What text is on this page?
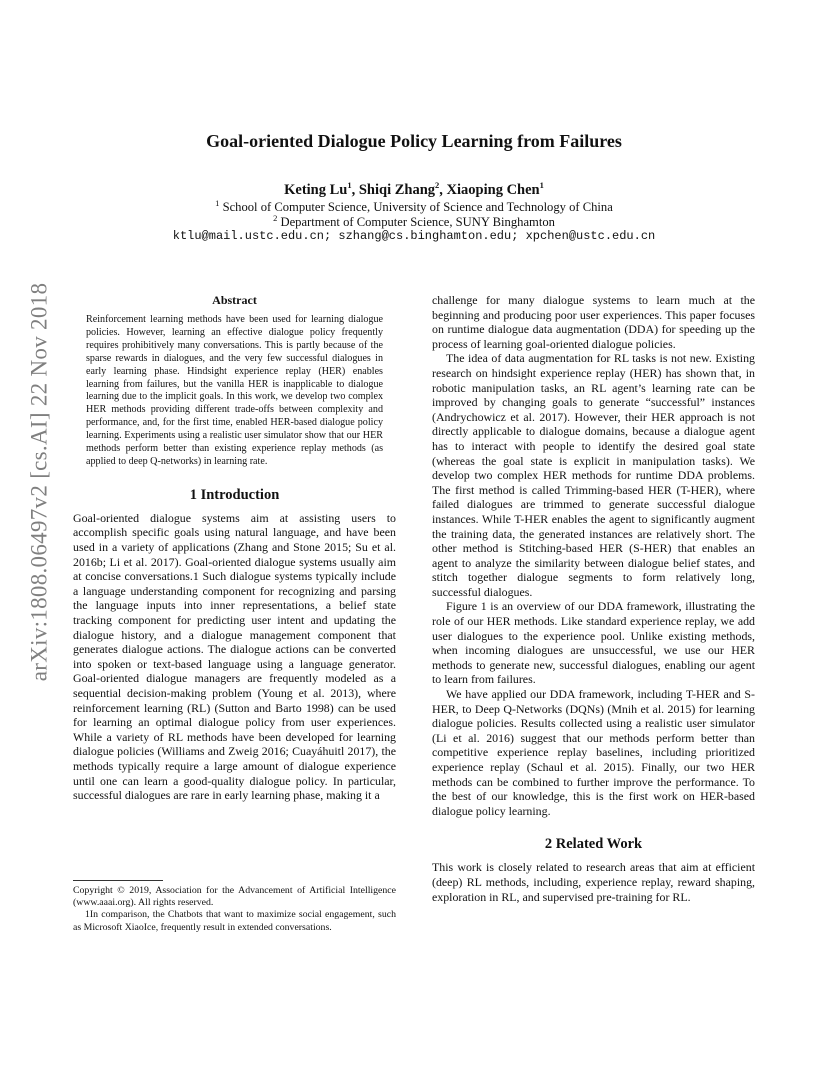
arXiv:1808.06497v2 [cs.AI] 22 Nov 2018
Goal-oriented Dialogue Policy Learning from Failures
Keting Lu$^1$, Shiqi Zhang$^2$, Xiaoping Chen$^1$
$^1$ School of Computer Science, University of Science and Technology of China
$^2$ Department of Computer Science, SUNY Binghamton
ktlu@mail.ustc.edu.cn; szhang@cs.binghamton.edu; xpchen@ustc.edu.cn
Abstract

Reinforcement learning methods have been used for learning dialogue policies. However, learning an effective dialogue policy frequently requires prohibitively many conversations. This is partly because of the sparse rewards in dialogues, and the very few successful dialogues in early learning phase. Hindsight experience replay (HER) enables learning from failures, but the vanilla HER is inapplicable to dialogue learning due to the implicit goals. In this work, we develop two complex HER methods providing different trade-offs between complexity and performance, and, for the first time, enabled HER-based dialogue policy learning. Experiments using a realistic user simulator show that our HER methods perform better than existing experience replay methods (as applied to deep Q-networks) in learning rate.

1 Introduction

Goal-oriented dialogue systems aim at assisting users to accomplish specific goals using natural language, and have been used in a variety of applications (Zhang and Stone 2015; Su et al. 2016b; Li et al. 2017). Goal-oriented dialogue systems usually aim at concise conversations.1 Such dialogue systems typically include a language understanding component for recognizing and parsing the language inputs into inner representations, a belief state tracking component for predicting user intent and updating the dialogue history, and a dialogue management component that generates dialogue actions. The dialogue actions can be converted into spoken or text-based language using a language generator. Goal-oriented dialogue managers are frequently modeled as a sequential decision-making problem (Young et al. 2013), where reinforcement learning (RL) (Sutton and Barto 1998) can be used for learning an optimal dialogue policy from user experiences. While a variety of RL methods have been developed for learning dialogue policies (Williams and Zweig 2016; Cuayáhuitl 2017), the methods typically require a large amount of dialogue experience until one can learn a good-quality dialogue policy. In particular, successful dialogues are rare in early learning phase, making it a

Copyright © 2019, Association for the Advancement of Artificial Intelligence (www.aaai.org). All rights reserved.

1In comparison, the Chatbots that want to maximize social engagement, such as Microsoft XiaoIce, frequently result in extended conversations.

challenge for many dialogue systems to learn much at the beginning and producing poor user experiences. This paper focuses on runtime dialogue data augmentation (DDA) for speeding up the process of learning goal-oriented dialogue policies.

The idea of data augmentation for RL tasks is not new. Existing research on hindsight experience replay (HER) has shown that, in robotic manipulation tasks, an RL agent’s learning rate can be improved by changing goals to generate “successful” instances (Andrychowicz et al. 2017). However, their HER approach is not directly applicable to dialogue domains, because a dialogue agent has to interact with people to identify the desired goal state (whereas the goal state is explicit in manipulation tasks). We develop two complex HER methods for runtime DDA problems. The first method is called Trimming-based HER (T-HER), where failed dialogues are trimmed to generate successful dialogue instances. While T-HER enables the agent to significantly augment the training data, the generated instances are relatively short. The other method is Stitching-based HER (S-HER) that enables an agent to analyze the similarity between dialogue belief states, and stitch together dialogue segments to form relatively long, successful dialogues.

Figure 1 is an overview of our DDA framework, illustrating the role of our HER methods. Like standard experience replay, we add user dialogues to the experience pool. Unlike existing methods, when incoming dialogues are unsuccessful, we use our HER methods to generate new, successful dialogues, enabling our agent to learn from failures.

We have applied our DDA framework, including T-HER and S-HER, to Deep Q-Networks (DQNs) (Mnih et al. 2015) for learning dialogue policies. Results collected using a realistic user simulator (Li et al. 2016) suggest that our methods perform better than competitive experience replay baselines, including prioritized experience replay (Schaul et al. 2015). Finally, our two HER methods can be combined to further improve the performance. To the best of our knowledge, this is the first work on HER-based dialogue policy learning.

2 Related Work

This work is closely related to research areas that aim at efficient (deep) RL methods, including, experience replay, reward shaping, exploration in RL, and supervised pre-training for RL.
